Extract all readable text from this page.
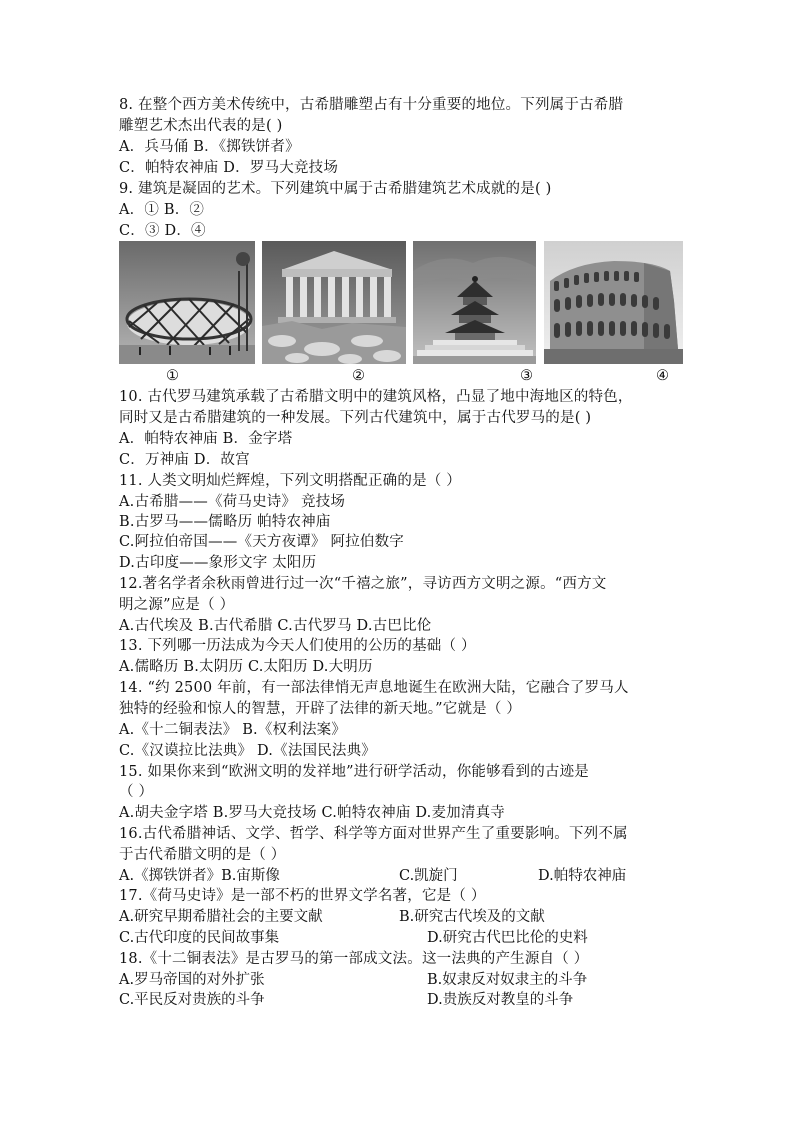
8. 在整个西方美术传统中，古希腊雕塑占有十分重要的地位。下列属于古希腊
雕塑艺术杰出代表的是( )
A．兵马俑 B．《掷铁饼者》
C．帕特农神庙 D．罗马大竞技场
9. 建筑是凝固的艺术。下列建筑中属于古希腊建筑艺术成就的是( )
A．① B．②
C．③ D．④
①	②	③	④
10. 古代罗马建筑承载了古希腊文明中的建筑风格，凸显了地中海地区的特色，
同时又是古希腊建筑的一种发展。下列古代建筑中，属于古代罗马的是( )
A．帕特农神庙 B．金字塔
C．万神庙 D．故宫
11. 人类文明灿烂辉煌，下列文明搭配正确的是（ ）
A.古希腊——《荷马史诗》 竞技场
B.古罗马——儒略历 帕特农神庙
C.阿拉伯帝国——《天方夜谭》 阿拉伯数字
D.古印度——象形文字 太阳历
12.著名学者余秋雨曾进行过一次“千禧之旅”，寻访西方文明之源。“西方文
明之源”应是（ ）
A.古代埃及 B.古代希腊 C.古代罗马 D.古巴比伦
13. 下列哪一历法成为今天人们使用的公历的基础（ ）
A.儒略历 B.太阴历 C.太阳历 D.大明历
14. “约 2500 年前，有一部法律悄无声息地诞生在欧洲大陆，它融合了罗马人
独特的经验和惊人的智慧，开辟了法律的新天地。”它就是（ ）
A.《十二铜表法》 B.《权利法案》
C.《汉谟拉比法典》 D.《法国民法典》
15. 如果你来到“欧洲文明的发祥地”进行研学活动，你能够看到的古迹是
（ ）
A.胡夫金字塔 B.罗马大竞技场 C.帕特农神庙 D.麦加清真寺
16.古代希腊神话、文学、哲学、科学等方面对世界产生了重要影响。下列不属
于古代希腊文明的是（ ）
A.《掷铁饼者》B.宙斯像	C.凯旋门	D.帕特农神庙
17.《荷马史诗》是一部不朽的世界文学名著，它是（ ）
A.研究早期希腊社会的主要文献	B.研究古代埃及的文献
C.古代印度的民间故事集	D.研究古代巴比伦的史料
18.《十二铜表法》是古罗马的第一部成文法。这一法典的产生源自（ ）
A.罗马帝国的对外扩张	B.奴隶反对奴隶主的斗争
C.平民反对贵族的斗争	D.贵族反对教皇的斗争
